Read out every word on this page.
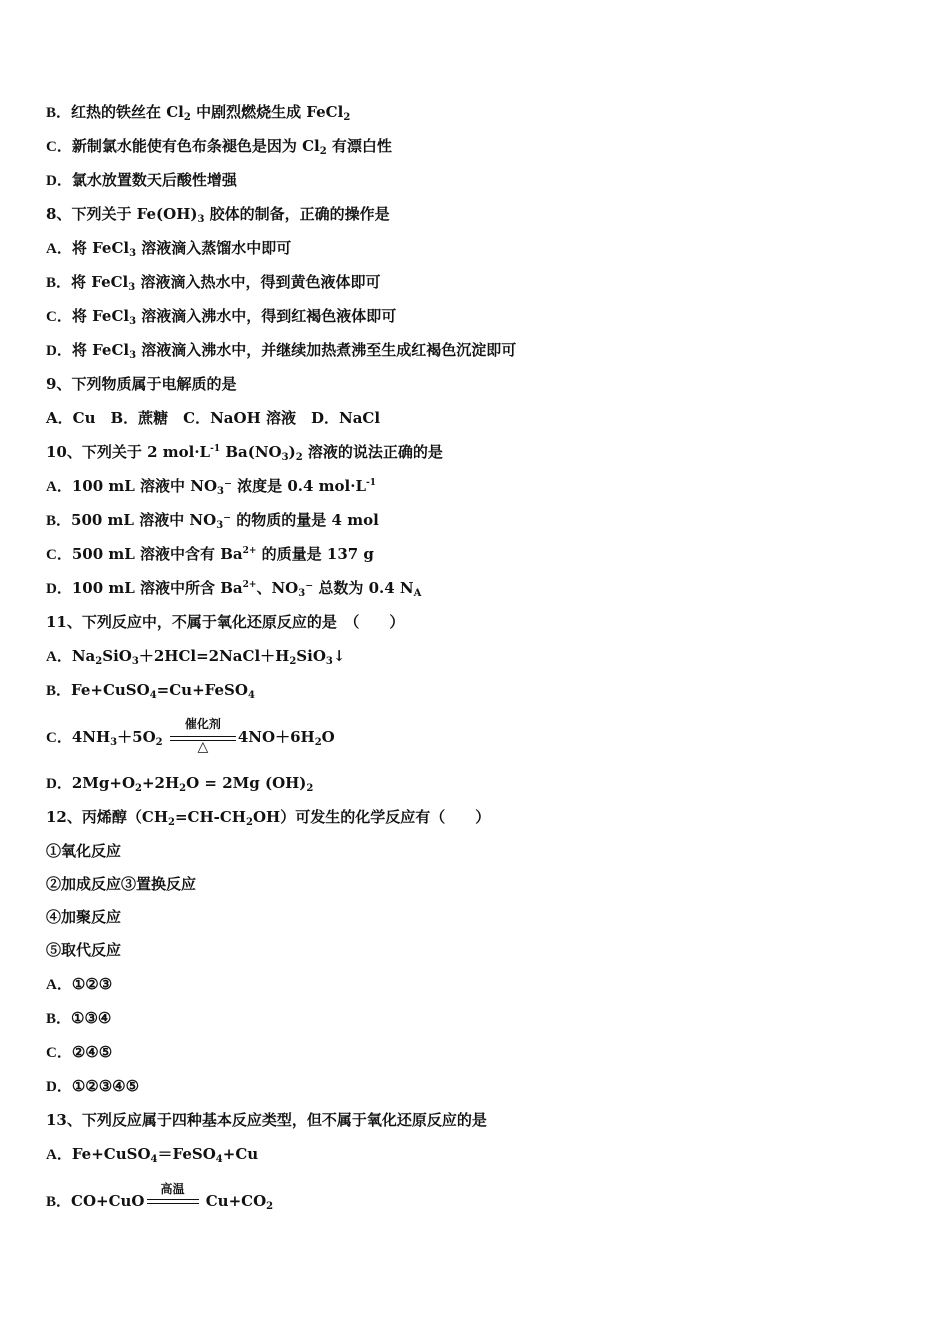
B．红热的铁丝在 $Cl_2$ 中剧烈燃烧生成 FeCl$_2$
C．新制氯水能使有色布条褪色是因为 $Cl_2$ 有漂白性
D．氯水放置数天后酸性增强
8、下列关于 $Fe(OH)_3$ 胶体的制备，正确的操作是
A．将 FeCl$_3$ 溶液滴入蒸馏水中即可
B．将 FeCl$_3$ 溶液滴入热水中，得到黄色液体即可
C．将 FeCl$_3$ 溶液滴入沸水中，得到红褐色液体即可
D．将 FeCl$_3$ 溶液滴入沸水中，并继续加热煮沸至生成红褐色沉淀即可
9、下列物质属于电解质的是
A．Cu　B．蔗糖　C．NaOH 溶液　D．NaCl
10、下列关于 2 $mol\cdot L^{-1}$ $Ba(NO_3)_2$ 溶液的说法正确的是
A．100 mL 溶液中 $NO_3^-$ 浓度是 0.4 $mol\cdot L^{-1}$
B．500 mL 溶液中 $NO_3^-$ 的物质的量是 4 mol
C．500 mL 溶液中含有 $Ba^{2+}$ 的质量是 137 g
D．100 mL 溶液中所含 $Ba^{2+}$、$NO_3^-$ 总数为 0.4 $N_A$
11、下列反应中，不属于氧化还原反应的是　（　　）
A．$Na_2SiO_3+2HCl=2NaCl+H_2SiO_3↓$
B．Fe+CuSO$_4$=Cu+FeSO$_4$
C．$4NH_3+5O_2$
催化剂
△
$4NO+6H_2O$
D．$2Mg+O_2+2H_2O = 2Mg$ $(OH)_2$
12、丙烯醇$(CH_2=CH-CH_2OH)$可发生的化学反应有（　　）
①氧化反应
②加成反应③置换反应
④加聚反应
⑤取代反应
A．①②③
B．①③④
C．②④⑤
D．①②③④⑤
13、下列反应属于四种基本反应类型，但不属于氧化还原反应的是
A．Fe+CuSO$_4$＝FeSO$_4$+Cu
B．CO+CuO
高温
$Cu+CO_2$
